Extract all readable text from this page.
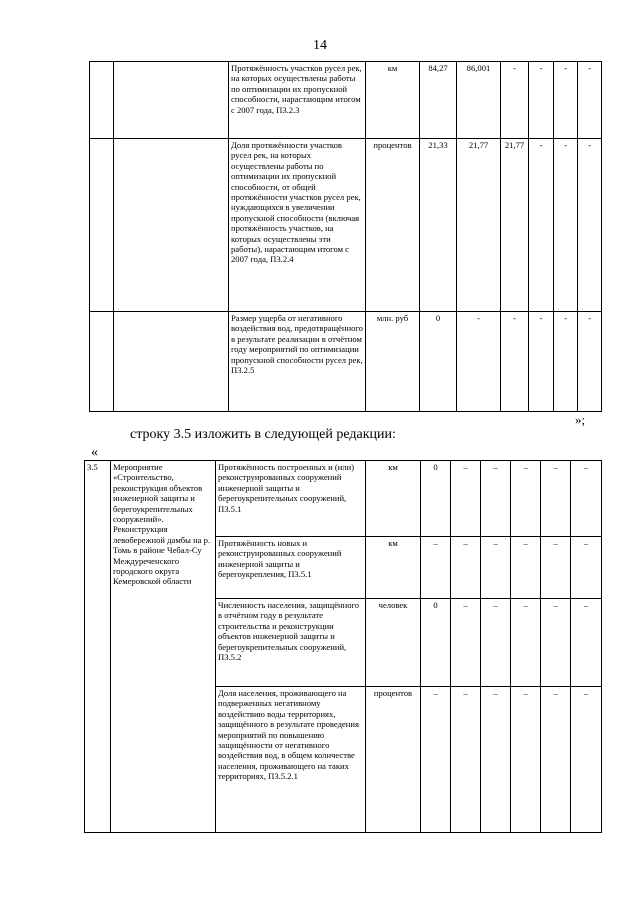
14
		Протяжённость участков русел рек, на которых осуществлены работы по оптимизации их пропускной способности, нарастающим итогом с 2007 года, П3.2.3	км	84,27	86,001	-	-	-	-
		Доля протяжённости участков русел рек, на которых осуществлены работы по оптимизации их пропускной способности, от общей протяжённости участков русел рек, нуждающихся в увеличении пропускной способности (включая протяжённость участков, на которых осуществлены эти работы), нарастающим итогом с 2007 года, П3.2.4	процентов	21,33	21,77	21,77	-	-	-
		Размер ущерба от негативного воздействия вод, предотвращённого в результате реализации в отчётном году мероприятий по оптимизации пропускной способности русел рек, П3.2.5	млн. руб	0	-	-	-	-	-
»;
строку 3.5 изложить в следующей редакции:
«
3.5	Мероприятие «Строительство, реконструкция объектов инженерной защиты и берегоукрепительных сооружений». Реконструкция левобережной дамбы на р. Томь в районе Чебал-Су Междуреченского городского округа Кемеровской области	Протяжённость построенных и (или) реконструированных сооружений инженерной защиты и берегоукрепительных сооружений, П3.5.1	км	0	–	–	–	–	–
		Протяжённость новых и реконструированных сооружений инженерной защиты и берегоукрепления, П3.5.1	км	–	–	–	–	–	–
		Численность населения, защищённого в отчётном году в результате строительства и реконструкции объектов инженерной защиты и берегоукрепительных сооружений, П3.5.2	человек	0	–	–	–	–	–
		Доля населения, проживающего на подверженных негативному воздействию воды территориях, защищённого в результате проведения мероприятий по повышению защищённости от негативного воздействия вод, в общем количестве населения, проживающего на таких территориях, П3.5.2.1	процентов	–	–	–	–	–	–
